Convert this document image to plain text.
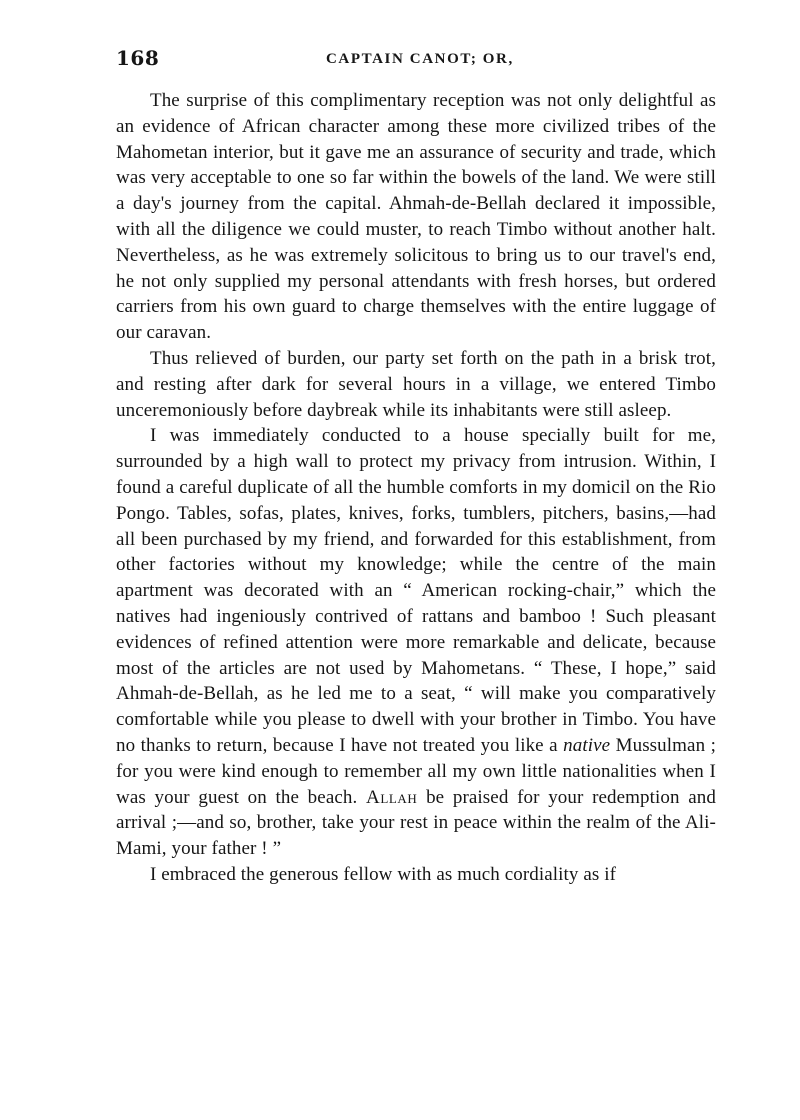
168	CAPTAIN CANOT; OR,

The surprise of this complimentary reception was not only delightful as an evidence of African character among these more civilized tribes of the Mahometan interior, but it gave me an assurance of security and trade, which was very acceptable to one so far within the bowels of the land. We were still a day's journey from the capital. Ahmah-de-Bellah declared it impossible, with all the diligence we could muster, to reach Timbo without another halt. Nevertheless, as he was extremely solicitous to bring us to our travel's end, he not only supplied my personal attendants with fresh horses, but ordered carriers from his own guard to charge themselves with the entire luggage of our caravan.

Thus relieved of burden, our party set forth on the path in a brisk trot, and resting after dark for several hours in a village, we entered Timbo unceremoniously before daybreak while its inhabitants were still asleep.

I was immediately conducted to a house specially built for me, surrounded by a high wall to protect my privacy from intrusion. Within, I found a careful duplicate of all the humble comforts in my domicil on the Rio Pongo. Tables, sofas, plates, knives, forks, tumblers, pitchers, basins,—had all been purchased by my friend, and forwarded for this establishment, from other factories without my knowledge; while the centre of the main apartment was decorated with an “ American rocking-chair,” which the natives had ingeniously contrived of rattans and bamboo ! Such pleasant evidences of refined attention were more remarkable and delicate, because most of the articles are not used by Mahometans. “ These, I hope,” said Ahmah-de-Bellah, as he led me to a seat, “ will make you comparatively comfortable while you please to dwell with your brother in Timbo. You have no thanks to return, because I have not treated you like a native Mussulman ; for you were kind enough to remember all my own little nationalities when I was your guest on the beach. Allah be praised for your redemption and arrival ;—and so, brother, take your rest in peace within the realm of the Ali-Mami, your father ! ”

I embraced the generous fellow with as much cordiality as if
